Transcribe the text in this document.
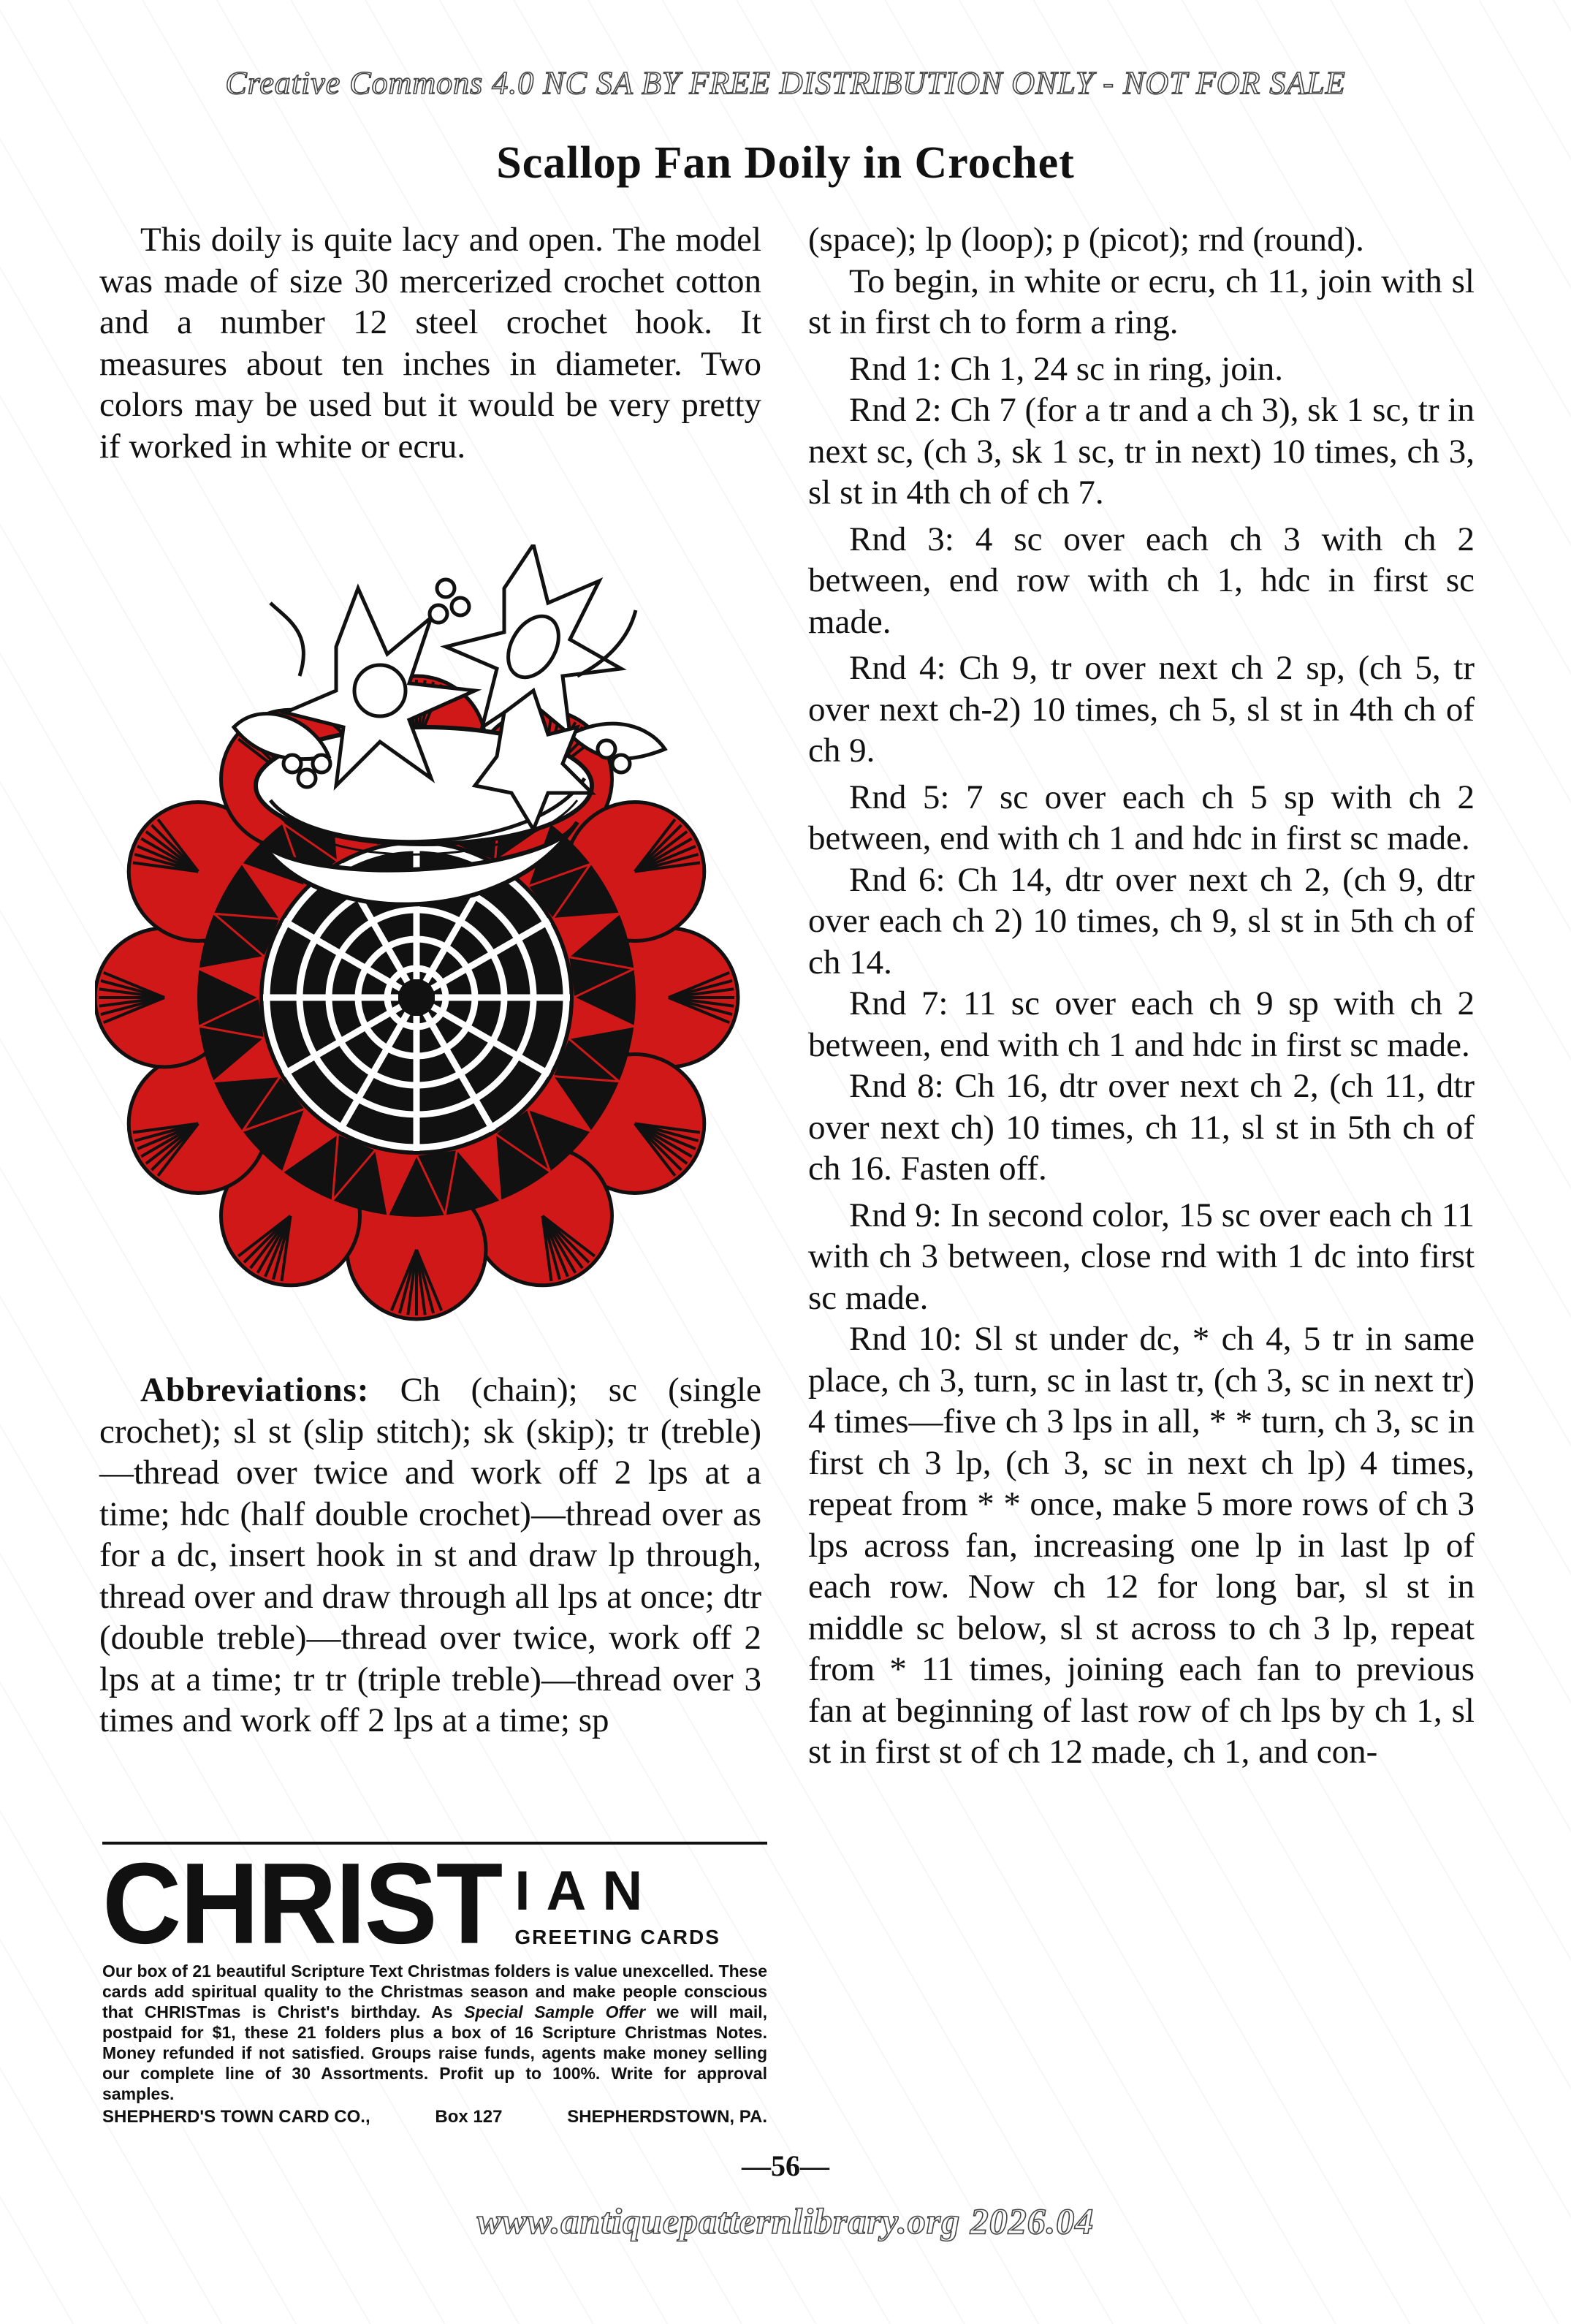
Creative Commons 4.0 NC SA BY FREE DISTRIBUTION ONLY - NOT FOR SALE
Scallop Fan Doily in Crochet

This doily is quite lacy and open. The model was made of size 30 mercerized crochet cotton and a number 12 steel crochet hook. It measures about ten inches in diameter. Two colors may be used but it would be very pretty if worked in white or ecru.

Abbreviations: Ch (chain); sc (single crochet); sl st (slip stitch); sk (skip); tr (treble)—thread over twice and work off 2 lps at a time; hdc (half double crochet)—thread over as for a dc, insert hook in st and draw lp through, thread over and draw through all lps at once; dtr (double treble)—thread over twice, work off 2 lps at a time; tr tr (triple treble)—thread over 3 times and work off 2 lps at a time; sp

(space); lp (loop); p (picot); rnd (round).

To begin, in white or ecru, ch 11, join with sl st in first ch to form a ring.

Rnd 1: Ch 1, 24 sc in ring, join.

Rnd 2: Ch 7 (for a tr and a ch 3), sk 1 sc, tr in next sc, (ch 3, sk 1 sc, tr in next) 10 times, ch 3, sl st in 4th ch of ch 7.

Rnd 3: 4 sc over each ch 3 with ch 2 between, end row with ch 1, hdc in first sc made.

Rnd 4: Ch 9, tr over next ch 2 sp, (ch 5, tr over next ch-2) 10 times, ch 5, sl st in 4th ch of ch 9.

Rnd 5: 7 sc over each ch 5 sp with ch 2 between, end with ch 1 and hdc in first sc made.

Rnd 6: Ch 14, dtr over next ch 2, (ch 9, dtr over each ch 2) 10 times, ch 9, sl st in 5th ch of ch 14.

Rnd 7: 11 sc over each ch 9 sp with ch 2 between, end with ch 1 and hdc in first sc made.

Rnd 8: Ch 16, dtr over next ch 2, (ch 11, dtr over next ch) 10 times, ch 11, sl st in 5th ch of ch 16. Fasten off.

Rnd 9: In second color, 15 sc over each ch 11 with ch 3 between, close rnd with 1 dc into first sc made.

Rnd 10: Sl st under dc, * ch 4, 5 tr in same place, ch 3, turn, sc in last tr, (ch 3, sc in next tr) 4 times—five ch 3 lps in all, * * turn, ch 3, sc in first ch 3 lp, (ch 3, sc in next ch lp) 4 times, repeat from * * once, make 5 more rows of ch 3 lps across fan, increasing one lp in last lp of each row. Now ch 12 for long bar, sl st in middle sc below, sl st across to ch 3 lp, repeat from * 11 times, joining each fan to previous fan at beginning of last row of ch lps by ch 1, sl st in first st of ch 12 made, ch 1, and con-

CHRIST IAN
GREETING CARDS
Our box of 21 beautiful Scripture Text Christmas folders is value unexcelled. These cards add spiritual quality to the Christmas season and make people conscious that CHRISTmas is Christ's birthday. As Special Sample Offer we will mail, postpaid for $1, these 21 folders plus a box of 16 Scripture Christmas Notes. Money refunded if not satisfied. Groups raise funds, agents make money selling our complete line of 30 Assortments. Profit up to 100%. Write for approval samples.
SHEPHERD'S TOWN CARD CO.,	Box 127	SHEPHERDSTOWN, PA.
—56—
www.antiquepatternlibrary.org 2026.04
